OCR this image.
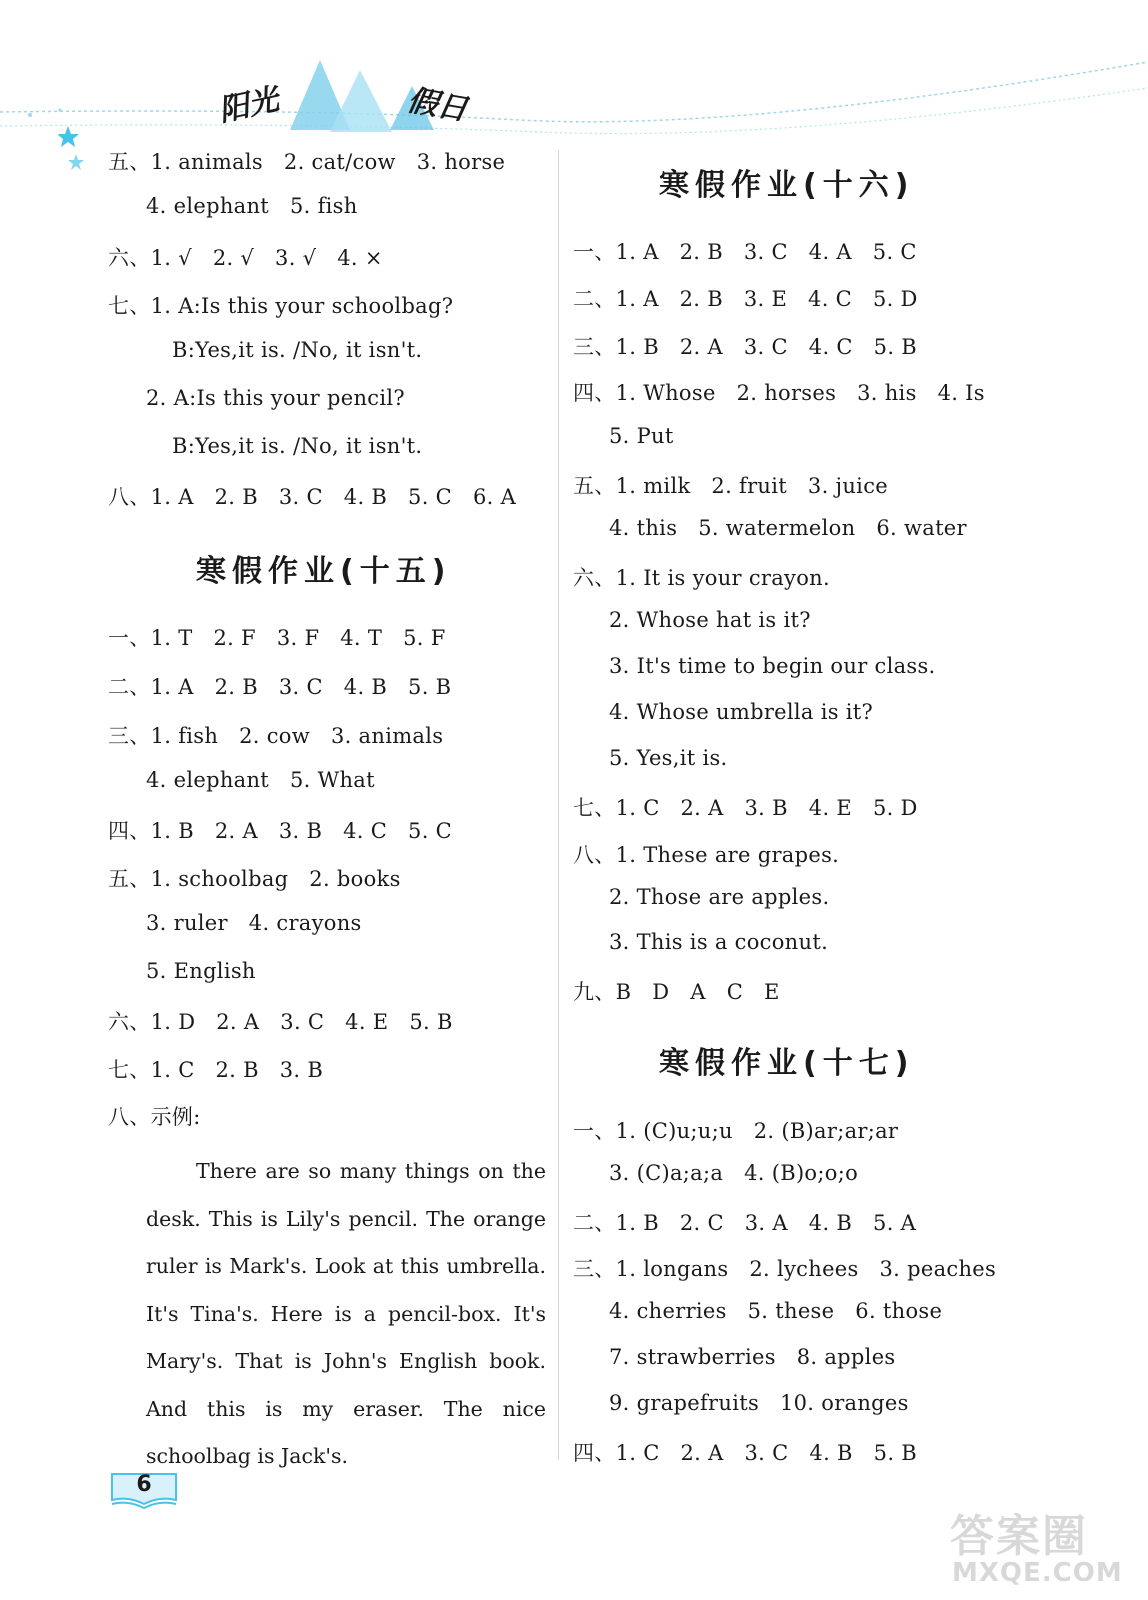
阳光	假日
五、1. animals   2. cat/cow   3. horse
4. elephant   5. fish
六、1. √   2. √   3. √   4. ×
七、1. A:Is this your schoolbag?
B:Yes,it is. /No, it isn't.
2. A:Is this your pencil?
B:Yes,it is. /No, it isn't.
八、1. A   2. B   3. C   4. B   5. C   6. A
寒假作业(十五)
一、1. T   2. F   3. F   4. T   5. F
二、1. A   2. B   3. C   4. B   5. B
三、1. fish   2. cow   3. animals
4. elephant   5. What
四、1. B   2. A   3. B   4. C   5. C
五、1. schoolbag   2. books
3. ruler   4. crayons
5. English
六、1. D   2. A   3. C   4. E   5. B
七、1. C   2. B   3. B
八、示例:
There are so many things on the desk. This is Lily's pencil. The orange ruler is Mark's. Look at this umbrella. It's Tina's. Here is a pencil-box. It's Mary's. That is John's English book. And this is my eraser. The nice schoolbag is Jack's.
寒假作业(十六)
一、1. A   2. B   3. C   4. A   5. C
二、1. A   2. B   3. E   4. C   5. D
三、1. B   2. A   3. C   4. C   5. B
四、1. Whose   2. horses   3. his   4. Is
5. Put
五、1. milk   2. fruit   3. juice
4. this   5. watermelon   6. water
六、1. It is your crayon.
2. Whose hat is it?
3. It's time to begin our class.
4. Whose umbrella is it?
5. Yes,it is.
七、1. C   2. A   3. B   4. E   5. D
八、1. These are grapes.
2. Those are apples.
3. This is a coconut.
九、B   D   A   C   E
寒假作业(十七)
一、1. (C)u;u;u   2. (B)ar;ar;ar
3. (C)a;a;a   4. (B)o;o;o
二、1. B   2. C   3. A   4. B   5. A
三、1. longans   2. lychees   3. peaches
4. cherries   5. these   6. those
7. strawberries   8. apples
9. grapefruits   10. oranges
四、1. C   2. A   3. C   4. B   5. B
6
答案圈
MXQE.COM
